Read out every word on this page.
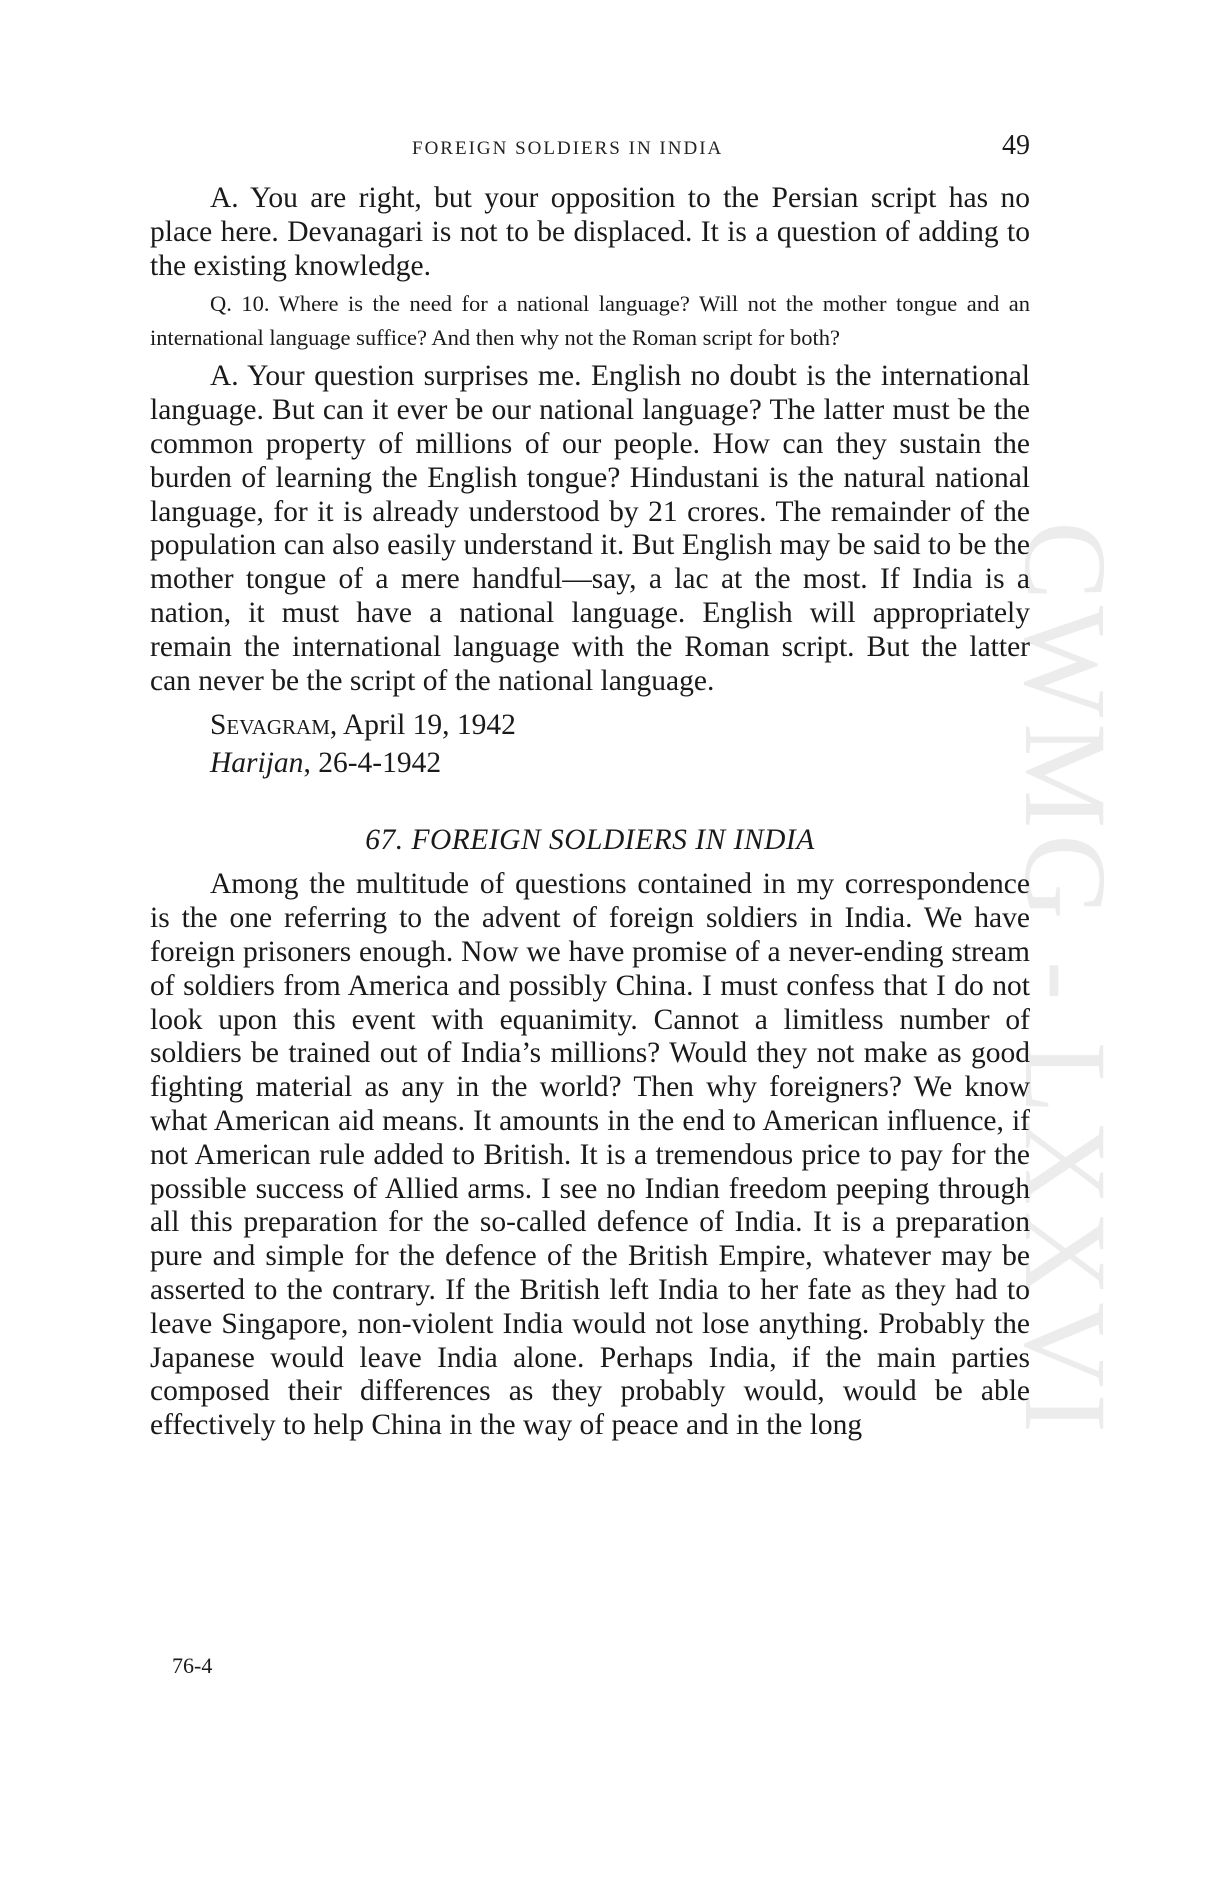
CWMG - LXXVI
FOREIGN SOLDIERS IN INDIA	49

A. You are right, but your opposition to the Persian script has no place here. Devanagari is not to be displaced. It is a question of adding to the existing knowledge.

Q. 10. Where is the need for a national language? Will not the mother tongue and an international language suffice? And then why not the Roman script for both?

A. Your question surprises me. English no doubt is the international language. But can it ever be our national language? The latter must be the common property of millions of our people. How can they sustain the burden of learning the English tongue? Hindustani is the natural national language, for it is already understood by 21 crores. The remainder of the population can also easily understand it. But English may be said to be the mother tongue of a mere handful—say, a lac at the most. If India is a nation, it must have a national language. English will appropriately remain the international language with the Roman script. But the latter can never be the script of the national language.

Sevagram, April 19, 1942
Harijan, 26-4-1942
67. FOREIGN SOLDIERS IN INDIA

Among the multitude of questions contained in my correspondence is the one referring to the advent of foreign soldiers in India. We have foreign prisoners enough. Now we have promise of a never-ending stream of soldiers from America and possibly China. I must confess that I do not look upon this event with equanimity. Cannot a limitless number of soldiers be trained out of India’s millions? Would they not make as good fighting material as any in the world? Then why foreigners? We know what American aid means. It amounts in the end to American influence, if not American rule added to British. It is a tremendous price to pay for the possible success of Allied arms. I see no Indian freedom peeping through all this preparation for the so-called defence of India. It is a preparation pure and simple for the defence of the British Empire, whatever may be asserted to the contrary. If the British left India to her fate as they had to leave Singapore, non-violent India would not lose anything. Probably the Japanese would leave India alone. Perhaps India, if the main parties composed their differences as they probably would, would be able effectively to help China in the way of peace and in the long

76-4
